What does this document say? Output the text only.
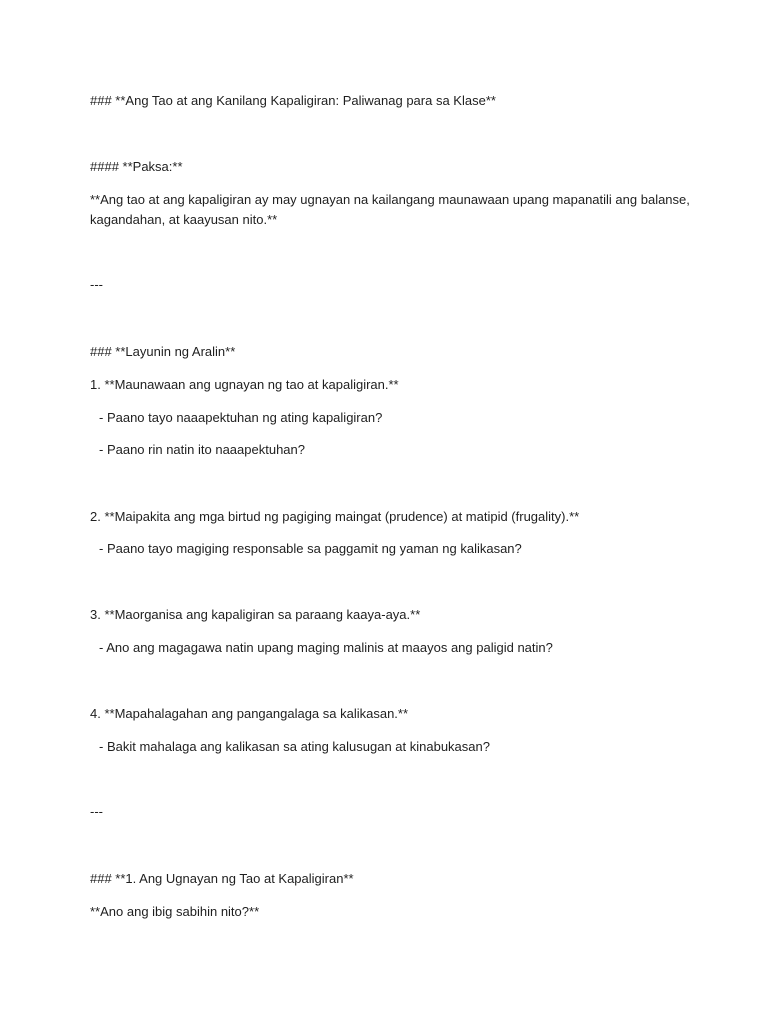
### **Ang Tao at ang Kanilang Kapaligiran: Paliwanag para sa Klase**
#### **Paksa:**
**Ang tao at ang kapaligiran ay may ugnayan na kailangang maunawaan upang mapanatili ang balanse,
kagandahan, at kaayusan nito.**
---
### **Layunin ng Aralin**
1. **Maunawaan ang ugnayan ng tao at kapaligiran.**
- Paano tayo naaapektuhan ng ating kapaligiran?
- Paano rin natin ito naaapektuhan?
2. **Maipakita ang mga birtud ng pagiging maingat (prudence) at matipid (frugality).**
- Paano tayo magiging responsable sa paggamit ng yaman ng kalikasan?
3. **Maorganisa ang kapaligiran sa paraang kaaya-aya.**
- Ano ang magagawa natin upang maging malinis at maayos ang paligid natin?
4. **Mapahalagahan ang pangangalaga sa kalikasan.**
- Bakit mahalaga ang kalikasan sa ating kalusugan at kinabukasan?
---
### **1. Ang Ugnayan ng Tao at Kapaligiran**
**Ano ang ibig sabihin nito?**
